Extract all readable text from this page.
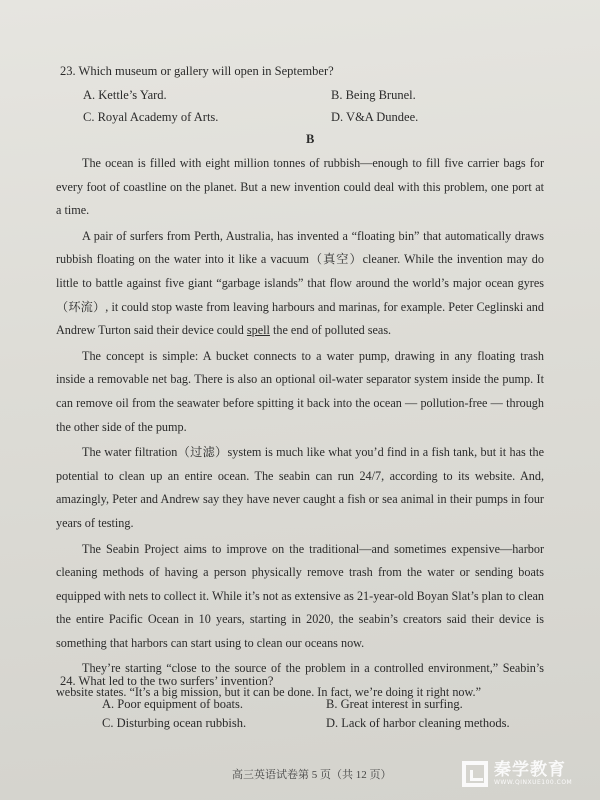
23. Which museum or gallery will open in September?
A. Kettle’s Yard.	B. Being Brunel.
C. Royal Academy of Arts.	D. V&A Dundee.
B

The ocean is filled with eight million tonnes of rubbish—enough to fill five carrier bags for every foot of coastline on the planet. But a new invention could deal with this problem, one port at a time.

A pair of surfers from Perth, Australia, has invented a “floating bin” that automatically draws rubbish floating on the water into it like a vacuum（真空）cleaner. While the invention may do little to battle against five giant “garbage islands” that flow around the world’s major ocean gyres（环流）, it could stop waste from leaving harbours and marinas, for example. Peter Ceglinski and Andrew Turton said their device could spell the end of polluted seas.

The concept is simple: A bucket connects to a water pump, drawing in any floating trash inside a removable net bag. There is also an optional oil-water separator system inside the pump. It can remove oil from the seawater before spitting it back into the ocean — pollution-free — through the other side of the pump.

The water filtration（过滤）system is much like what you’d find in a fish tank, but it has the potential to clean up an entire ocean. The seabin can run 24/7, according to its website. And, amazingly, Peter and Andrew say they have never caught a fish or sea animal in their pumps in four years of testing.

The Seabin Project aims to improve on the traditional—and sometimes expensive—harbor cleaning methods of having a person physically remove trash from the water or sending boats equipped with nets to collect it. While it’s not as extensive as 21-year-old Boyan Slat’s plan to clean the entire Pacific Ocean in 10 years, starting in 2020, the seabin’s creators said their device is something that harbors can start using to clean our oceans now.

They’re starting “close to the source of the problem in a controlled environment,” Seabin’s website states. “It’s a big mission, but it can be done. In fact, we’re doing it right now.”

24. What led to the two surfers’ invention?
A. Poor equipment of boats.	B. Great interest in surfing.
C. Disturbing ocean rubbish.	D. Lack of harbor cleaning methods.
高三英语试卷第 5 页（共 12 页）	秦学教育
WWW.QINXUE100.COM
